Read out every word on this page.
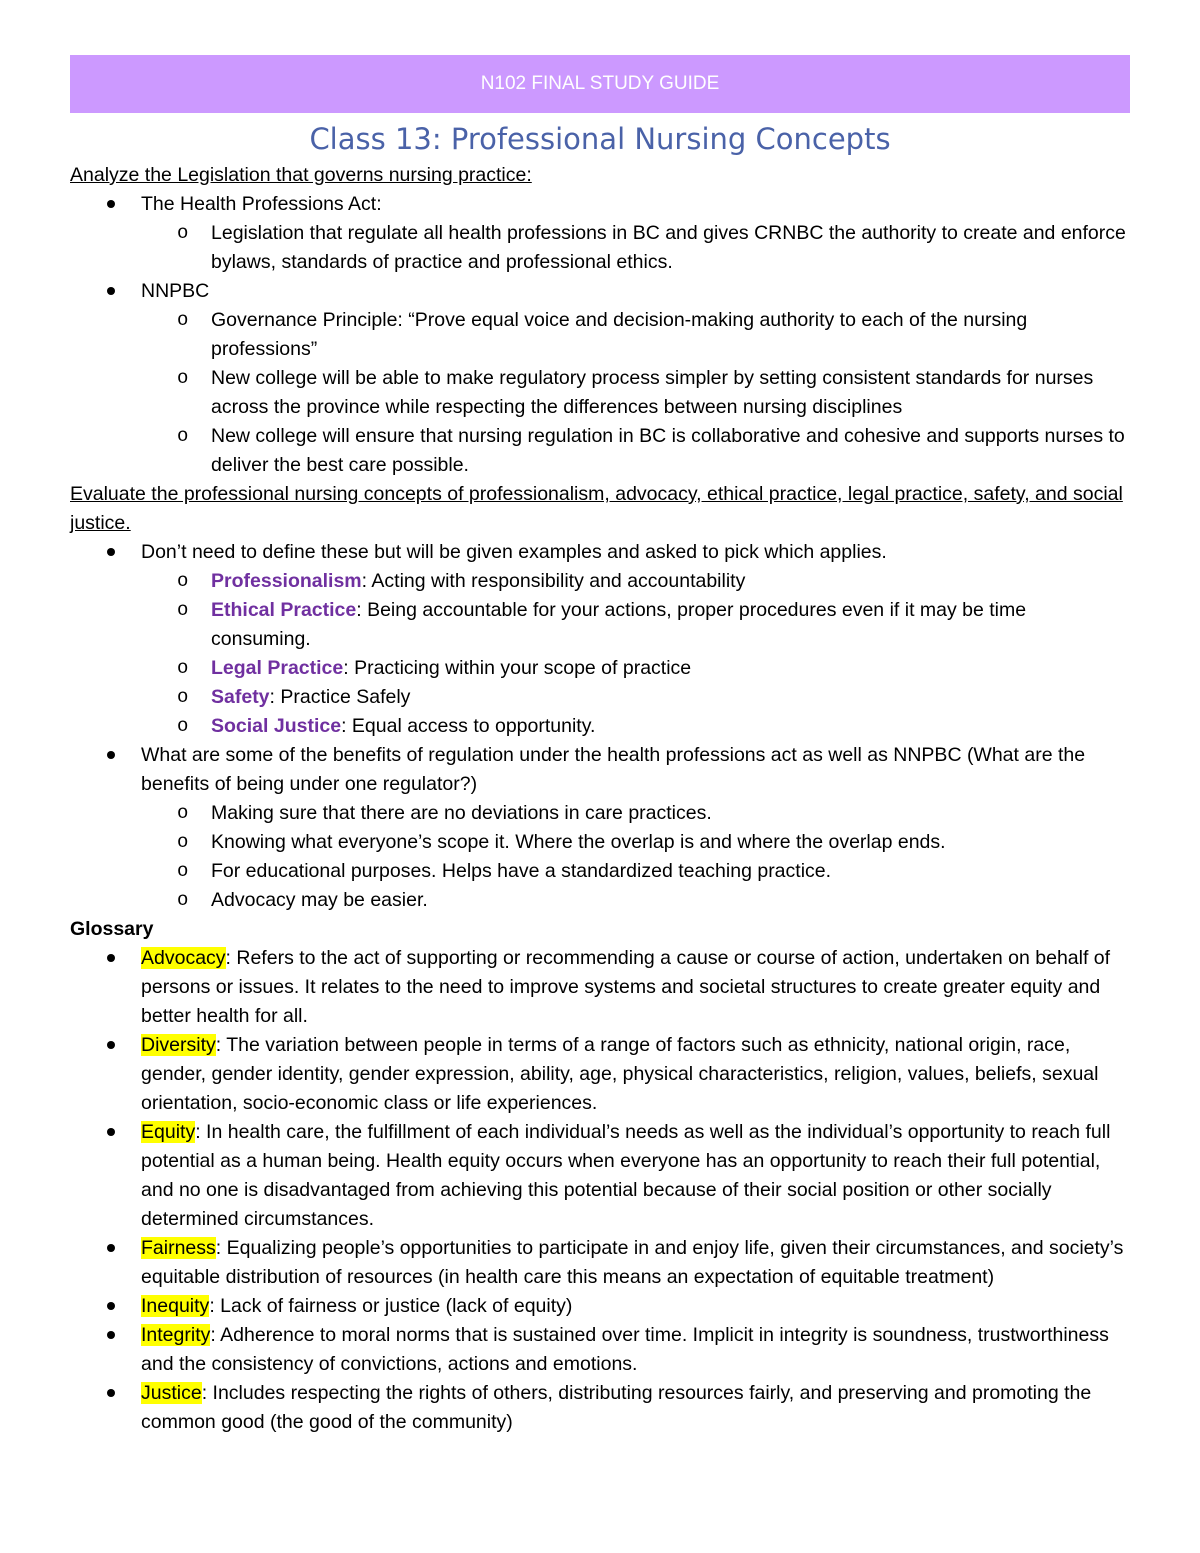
N102 FINAL STUDY GUIDE
Class 13: Professional Nursing Concepts
Analyze the Legislation that governs nursing practice:
The Health Professions Act:
o Legislation that regulate all health professions in BC and gives CRNBC the authority to create and enforce bylaws, standards of practice and professional ethics.
NNPBC
o Governance Principle: “Prove equal voice and decision-making authority to each of the nursing professions”
o New college will be able to make regulatory process simpler by setting consistent standards for nurses across the province while respecting the differences between nursing disciplines
o New college will ensure that nursing regulation in BC is collaborative and cohesive and supports nurses to deliver the best care possible.
Evaluate the professional nursing concepts of professionalism, advocacy, ethical practice, legal practice, safety, and social justice.
Don’t need to define these but will be given examples and asked to pick which applies.
o Professionalism: Acting with responsibility and accountability
o Ethical Practice: Being accountable for your actions, proper procedures even if it may be time consuming.
o Legal Practice: Practicing within your scope of practice
o Safety: Practice Safely
o Social Justice: Equal access to opportunity.
What are some of the benefits of regulation under the health professions act as well as NNPBC (What are the benefits of being under one regulator?)
o Making sure that there are no deviations in care practices.
o Knowing what everyone’s scope it. Where the overlap is and where the overlap ends.
o For educational purposes. Helps have a standardized teaching practice.
o Advocacy may be easier.
Glossary
Advocacy: Refers to the act of supporting or recommending a cause or course of action, undertaken on behalf of persons or issues. It relates to the need to improve systems and societal structures to create greater equity and better health for all.
Diversity: The variation between people in terms of a range of factors such as ethnicity, national origin, race, gender, gender identity, gender expression, ability, age, physical characteristics, religion, values, beliefs, sexual orientation, socio-economic class or life experiences.
Equity: In health care, the fulfillment of each individual’s needs as well as the individual’s opportunity to reach full potential as a human being. Health equity occurs when everyone has an opportunity to reach their full potential, and no one is disadvantaged from achieving this potential because of their social position or other socially determined circumstances.
Fairness: Equalizing people’s opportunities to participate in and enjoy life, given their circumstances, and society’s equitable distribution of resources (in health care this means an expectation of equitable treatment)
Inequity: Lack of fairness or justice (lack of equity)
Integrity: Adherence to moral norms that is sustained over time. Implicit in integrity is soundness, trustworthiness and the consistency of convictions, actions and emotions.
Justice: Includes respecting the rights of others, distributing resources fairly, and preserving and promoting the common good (the good of the community)
